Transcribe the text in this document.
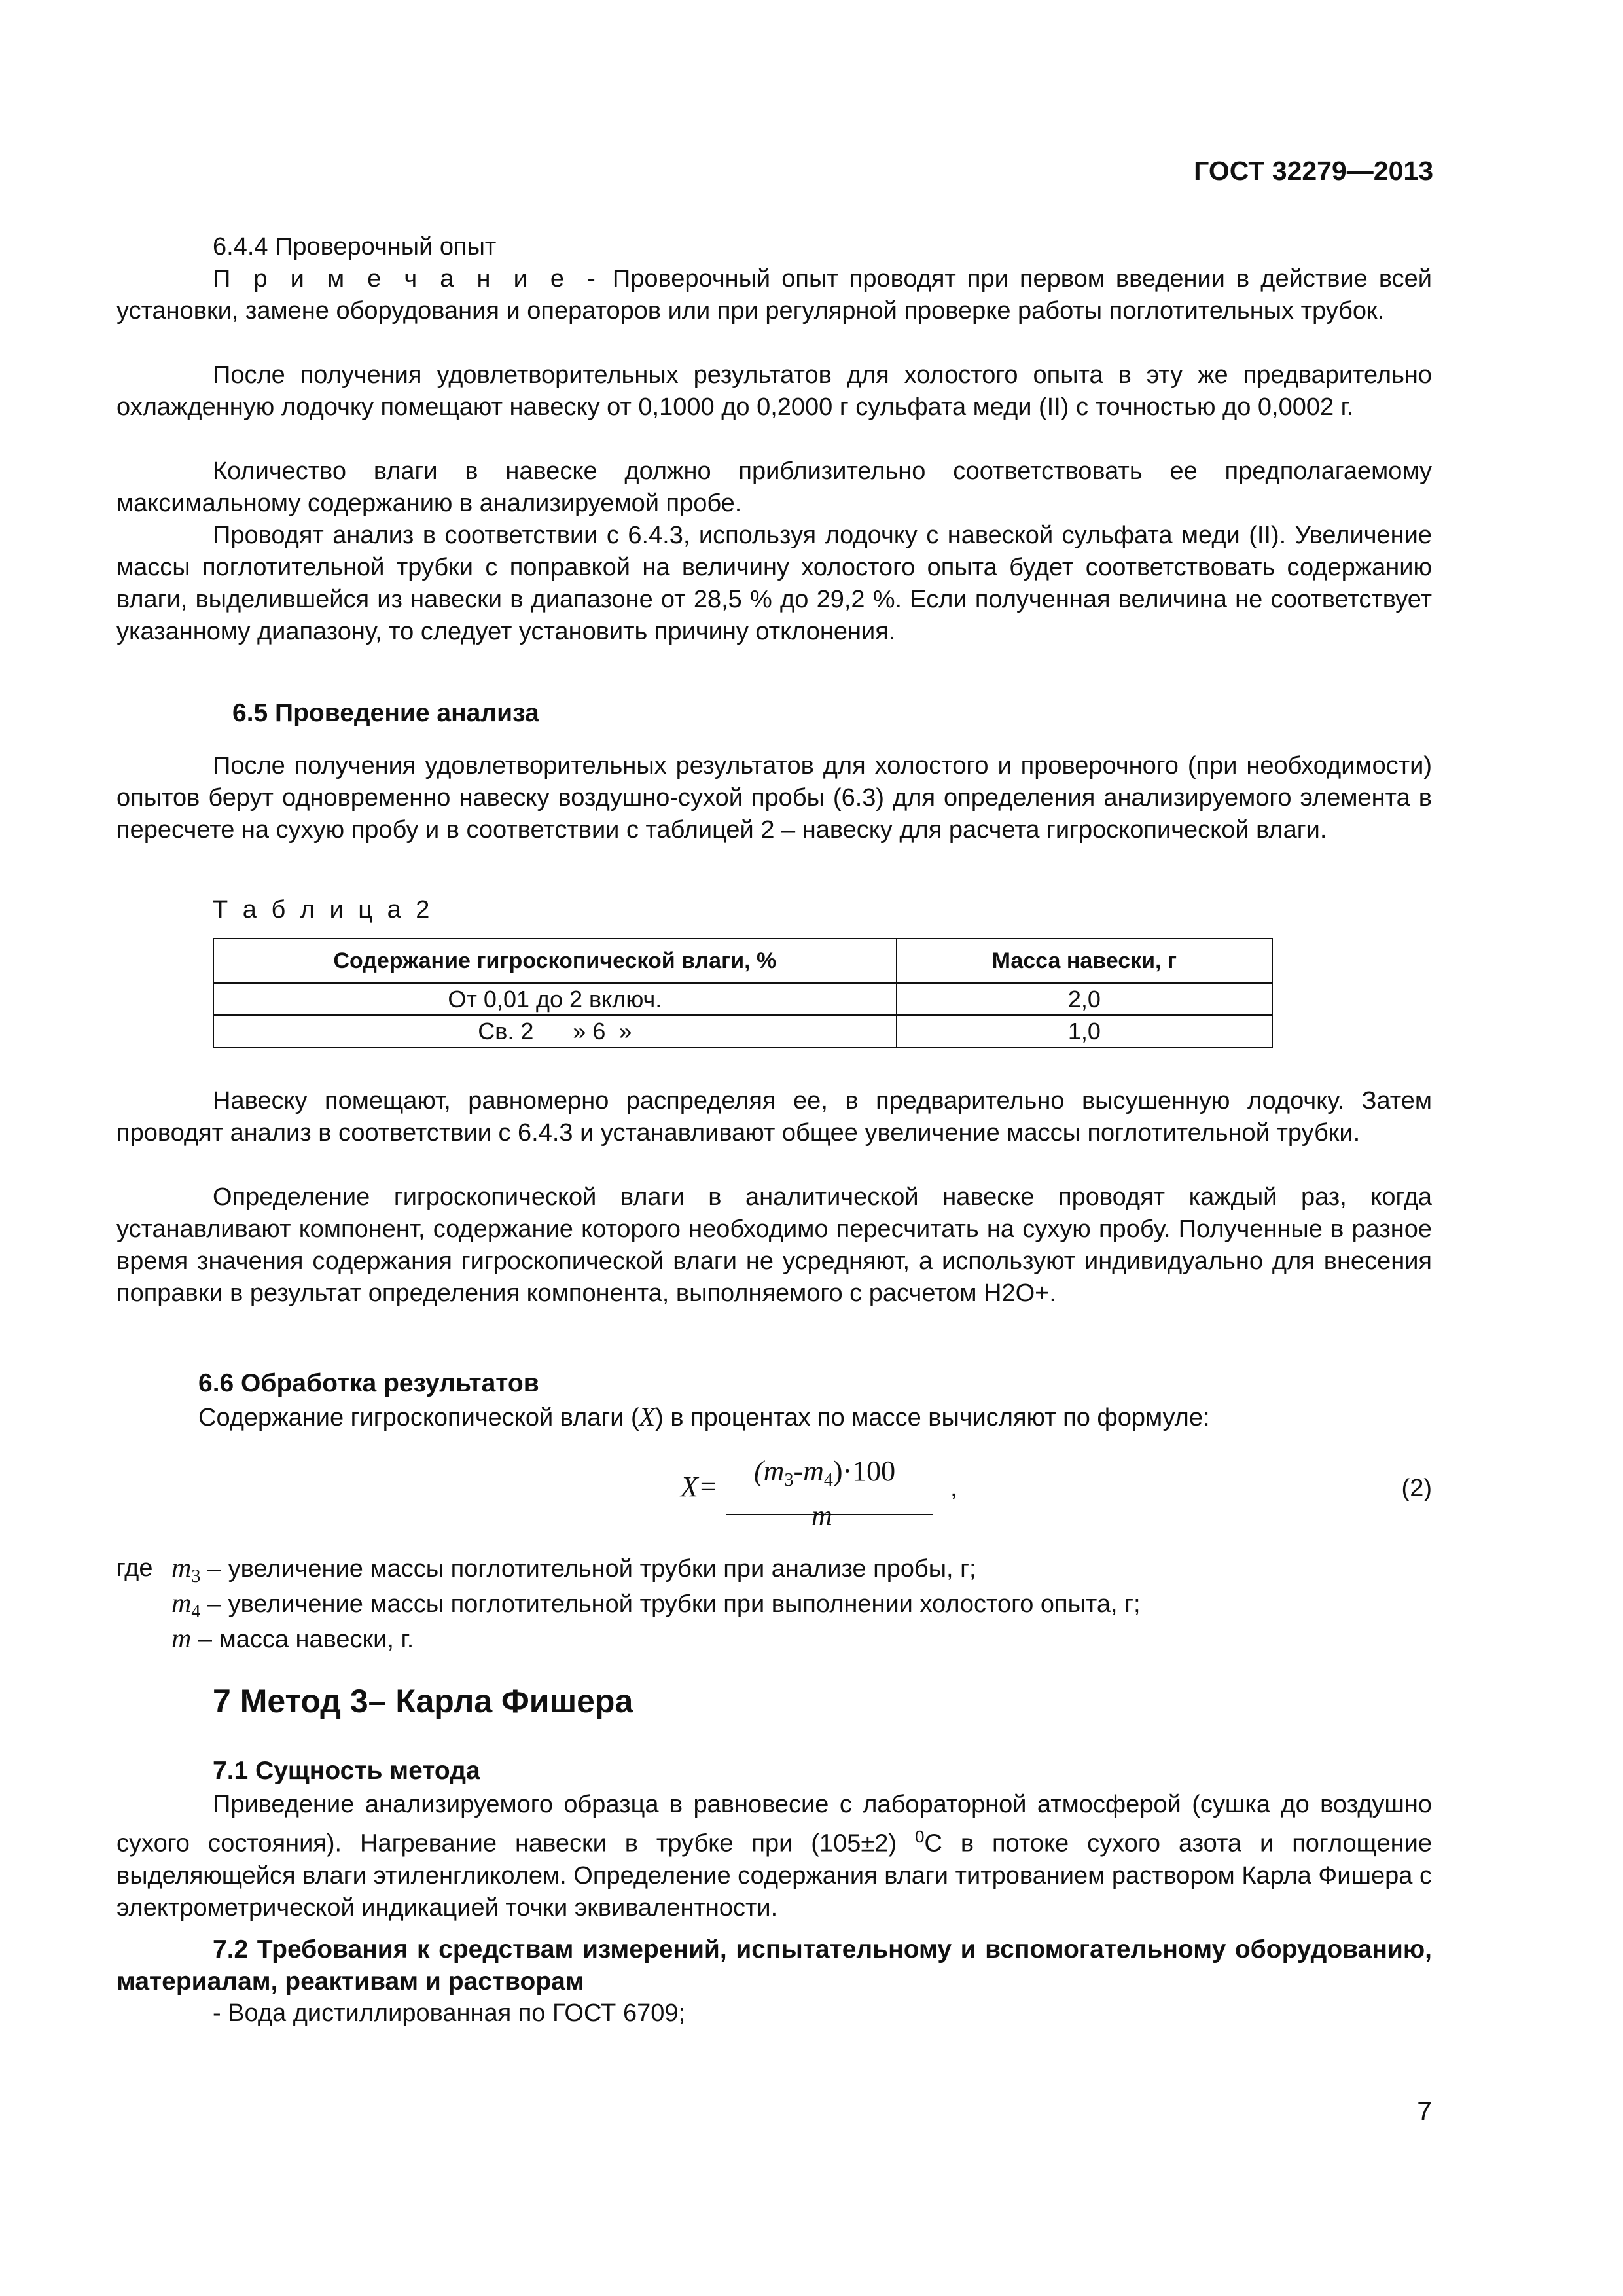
ГОСТ 32279—2013
6.4.4 Проверочный опыт
П р и м е ч а н и е - Проверочный опыт проводят при первом введении в действие всей установки, замене оборудования и операторов или при регулярной проверке работы поглотительных трубок.
После получения удовлетворительных результатов для холостого опыта в эту же предварительно охлажденную лодочку помещают навеску от 0,1000 до 0,2000 г сульфата меди (II) с точностью до 0,0002 г.
Количество влаги в навеске должно приблизительно соответствовать ее предполагаемому максимальному содержанию в анализируемой пробе.
Проводят анализ в соответствии с 6.4.3, используя лодочку с навеской сульфата меди (II). Увеличение массы поглотительной трубки с поправкой на величину холостого опыта будет соответствовать содержанию влаги, выделившейся из навески в диапазоне от 28,5 % до 29,2 %. Если полученная величина не соответствует указанному диапазону, то следует установить причину отклонения.
6.5 Проведение анализа
После получения удовлетворительных результатов для холостого и проверочного (при необходимости) опытов берут одновременно навеску воздушно-сухой пробы (6.3) для определения анализируемого элемента в пересчете на сухую пробу и в соответствии с таблицей 2 – навеску для расчета гигроскопической влаги.
Т а б л и ц а 2
Содержание гигроскопической влаги, %	Масса навески, г
От 0,01 до 2 включ.	2,0
Св. 2      » 6  »	1,0
Навеску помещают, равномерно распределяя ее, в предварительно высушенную лодочку. Затем проводят анализ в соответствии с 6.4.3 и устанавливают общее увеличение массы поглотительной трубки.
Определение гигроскопической влаги в аналитической навеске проводят каждый раз, когда устанавливают компонент, содержание которого необходимо пересчитать на сухую пробу. Полученные в разное время значения содержания гигроскопической влаги не усредняют, а используют индивидуально для внесения поправки в результат определения компонента, выполняемого с расчетом H2O+.
6.6 Обработка результатов
Содержание гигроскопической влаги (X) в процентах по массе вычисляют по формуле:
$X= (m_3-m_4)\cdot 100$
m
,	(2)
где $m_3$ – увеличение массы поглотительной трубки при анализе пробы, г;
$m_4$ – увеличение массы поглотительной трубки при выполнении холостого опыта, г;
m – масса навески, г.
7 Метод 3– Карла Фишера
7.1 Сущность метода
Приведение анализируемого образца в равновесие с лабораторной атмосферой (сушка до воздушно сухого состояния). Нагревание навески в трубке при (105±2) $^0$С в потоке сухого азота и поглощение выделяющейся влаги этиленгликолем. Определение содержания влаги титрованием раствором Карла Фишера с электрометрической индикацией точки эквивалентности.
7.2 Требования к средствам измерений, испытательному и вспомогательному оборудованию, материалам, реактивам и растворам
- Вода дистиллированная по ГОСТ 6709;
7
